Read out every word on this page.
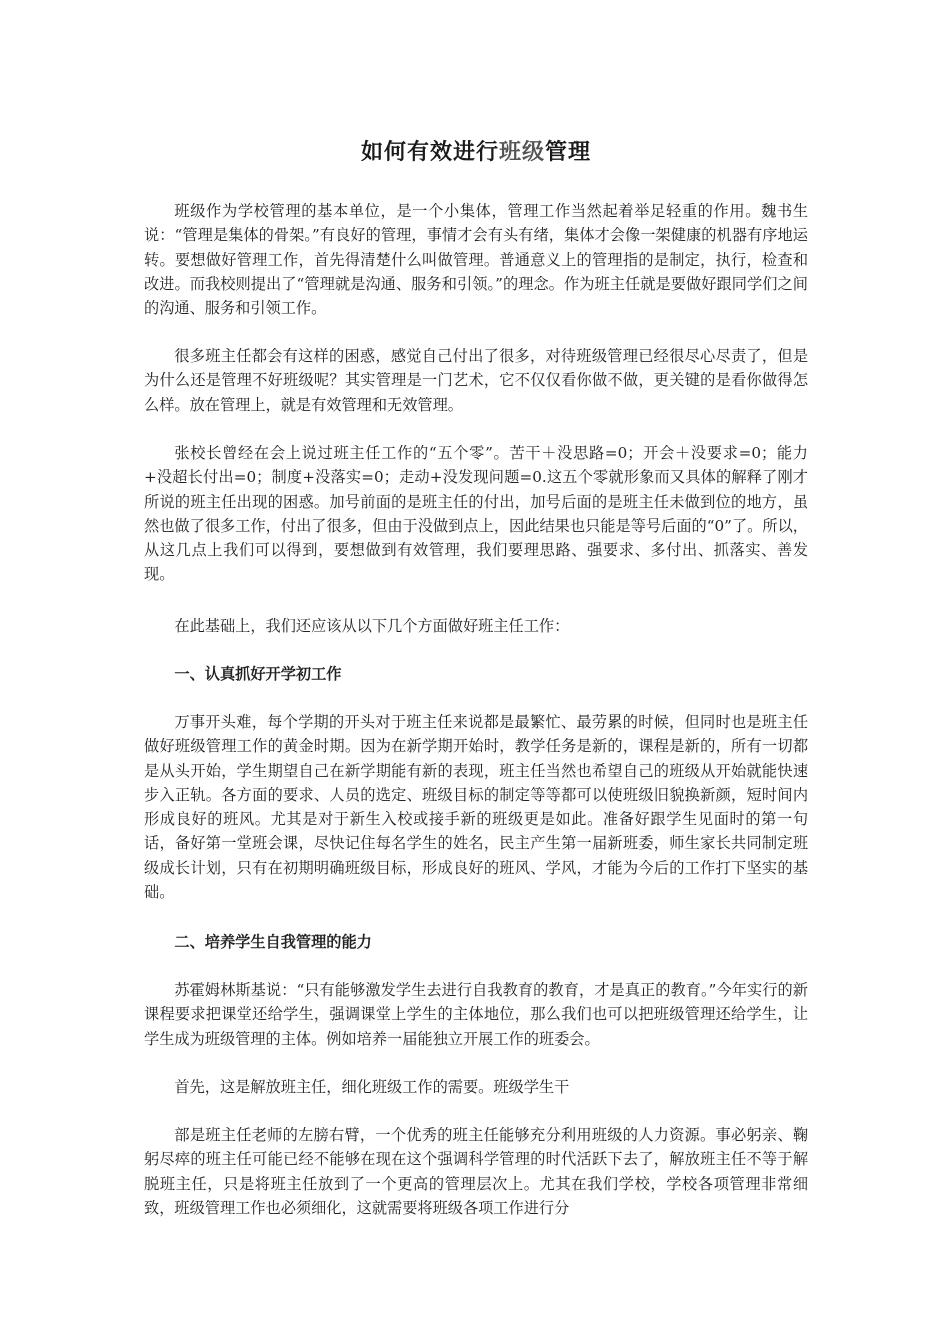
如何有效进行班级管理

班级作为学校管理的基本单位，是一个小集体，管理工作当然起着举足轻重的作用。魏书生说：“管理是集体的骨架。”有良好的管理，事情才会有头有绪，集体才会像一架健康的机器有序地运转。要想做好管理工作，首先得清楚什么叫做管理。普通意义上的管理指的是制定，执行，检查和改进。而我校则提出了“管理就是沟通、服务和引领。”的理念。作为班主任就是要做好跟同学们之间的沟通、服务和引领工作。

很多班主任都会有这样的困惑，感觉自己付出了很多，对待班级管理已经很尽心尽责了，但是为什么还是管理不好班级呢？其实管理是一门艺术，它不仅仅看你做不做，更关键的是看你做得怎么样。放在管理上，就是有效管理和无效管理。

张校长曾经在会上说过班主任工作的“五个零”。苦干＋没思路=0；开会＋没要求=0；能力+没超长付出=0；制度+没落实=0；走动+没发现问题=0.这五个零就形象而又具体的解释了刚才所说的班主任出现的困惑。加号前面的是班主任的付出，加号后面的是班主任未做到位的地方，虽然也做了很多工作，付出了很多，但由于没做到点上，因此结果也只能是等号后面的“0”了。所以，从这几点上我们可以得到，要想做到有效管理，我们要理思路、强要求、多付出、抓落实、善发现。

在此基础上，我们还应该从以下几个方面做好班主任工作：

一、认真抓好开学初工作

万事开头难，每个学期的开头对于班主任来说都是最繁忙、最劳累的时候，但同时也是班主任做好班级管理工作的黄金时期。因为在新学期开始时，教学任务是新的，课程是新的，所有一切都是从头开始，学生期望自己在新学期能有新的表现，班主任当然也希望自己的班级从开始就能快速步入正轨。各方面的要求、人员的选定、班级目标的制定等等都可以使班级旧貌换新颜，短时间内形成良好的班风。尤其是对于新生入校或接手新的班级更是如此。准备好跟学生见面时的第一句话，备好第一堂班会课，尽快记住每名学生的姓名，民主产生第一届新班委，师生家长共同制定班级成长计划，只有在初期明确班级目标，形成良好的班风、学风，才能为今后的工作打下坚实的基础。

二、培养学生自我管理的能力

苏霍姆林斯基说：“只有能够激发学生去进行自我教育的教育，才是真正的教育。”今年实行的新课程要求把课堂还给学生，强调课堂上学生的主体地位，那么我们也可以把班级管理还给学生，让学生成为班级管理的主体。例如培养一届能独立开展工作的班委会。

首先，这是解放班主任，细化班级工作的需要。班级学生干

部是班主任老师的左膀右臂，一个优秀的班主任能够充分利用班级的人力资源。事必躬亲、鞠躬尽瘁的班主任可能已经不能够在现在这个强调科学管理的时代活跃下去了，解放班主任不等于解脱班主任，只是将班主任放到了一个更高的管理层次上。尤其在我们学校，学校各项管理非常细致，班级管理工作也必须细化，这就需要将班级各项工作进行分
